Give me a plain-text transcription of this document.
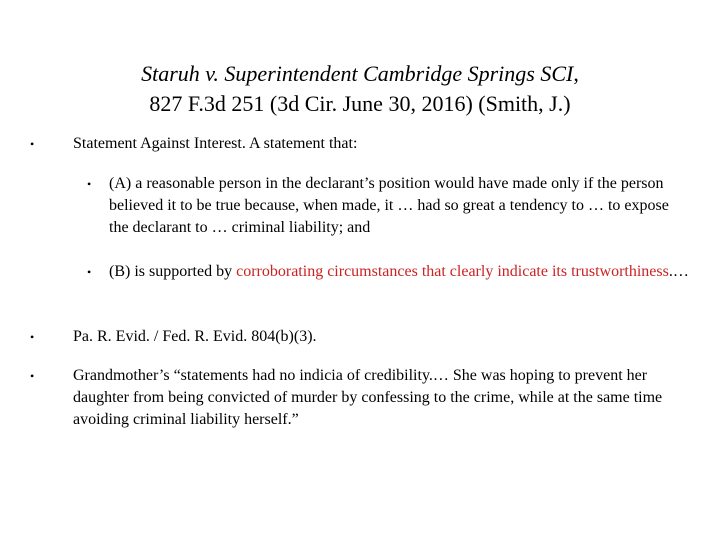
Staruh v. Superintendent Cambridge Springs SCI,
827 F.3d 251 (3d Cir. June 30, 2016) (Smith, J.)
• Statement Against Interest. A statement that:
• (A) a reasonable person in the declarant’s position would have made only if the person believed it to be true because, when made, it … had so great a tendency to … to expose the declarant to … criminal liability; and
• (B) is supported by corroborating circumstances that clearly indicate its trustworthiness.…
• Pa. R. Evid. / Fed. R. Evid. 804(b)(3).
• Grandmother’s “statements had no indicia of credibility.… She was hoping to prevent her daughter from being convicted of murder by confessing to the crime, while at the same time avoiding criminal liability herself.”
